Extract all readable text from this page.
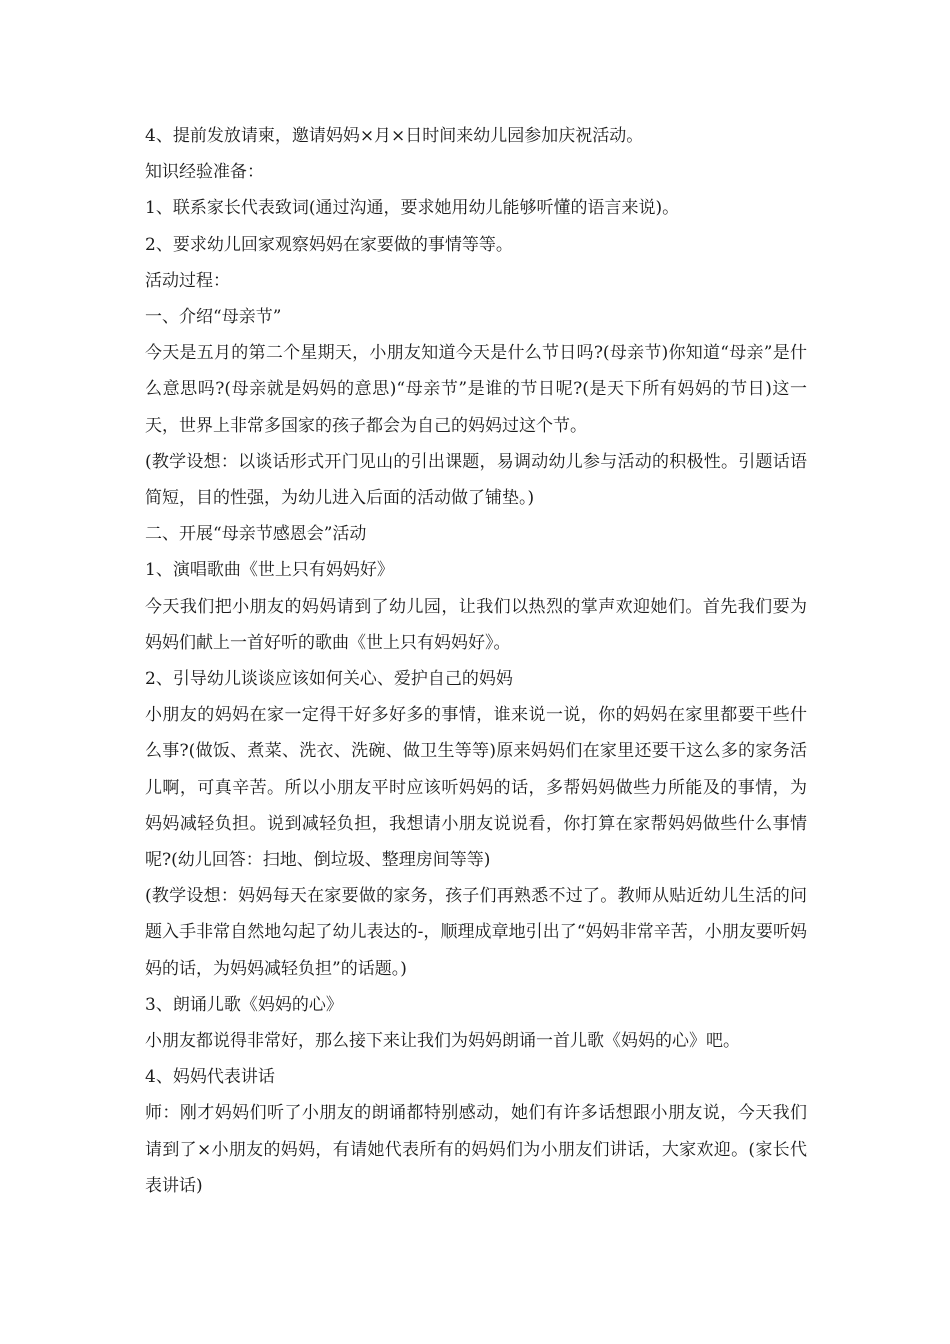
4、提前发放请柬，邀请妈妈×月×日时间来幼儿园参加庆祝活动。

知识经验准备：

1、联系家长代表致词(通过沟通，要求她用幼儿能够听懂的语言来说)。

2、要求幼儿回家观察妈妈在家要做的事情等等。

活动过程：

一、介绍“母亲节”

今天是五月的第二个星期天，小朋友知道今天是什么节日吗?(母亲节)你知道“母亲”是什么意思吗?(母亲就是妈妈的意思)“母亲节”是谁的节日呢?(是天下所有妈妈的节日)这一天，世界上非常多国家的孩子都会为自己的妈妈过这个节。

(教学设想：以谈话形式开门见山的引出课题，易调动幼儿参与活动的积极性。引题话语简短，目的性强，为幼儿进入后面的活动做了铺垫。)

二、开展“母亲节感恩会”活动

1、演唱歌曲《世上只有妈妈好》

今天我们把小朋友的妈妈请到了幼儿园，让我们以热烈的掌声欢迎她们。首先我们要为妈妈们献上一首好听的歌曲《世上只有妈妈好》。

2、引导幼儿谈谈应该如何关心、爱护自己的妈妈

小朋友的妈妈在家一定得干好多好多的事情，谁来说一说，你的妈妈在家里都要干些什么事?(做饭、煮菜、洗衣、洗碗、做卫生等等)原来妈妈们在家里还要干这么多的家务活儿啊，可真辛苦。所以小朋友平时应该听妈妈的话，多帮妈妈做些力所能及的事情，为妈妈减轻负担。说到减轻负担，我想请小朋友说说看，你打算在家帮妈妈做些什么事情呢?(幼儿回答：扫地、倒垃圾、整理房间等等)

(教学设想：妈妈每天在家要做的家务，孩子们再熟悉不过了。教师从贴近幼儿生活的问题入手非常自然地勾起了幼儿表达的-，顺理成章地引出了“妈妈非常辛苦，小朋友要听妈妈的话，为妈妈减轻负担”的话题。)

3、朗诵儿歌《妈妈的心》

小朋友都说得非常好，那么接下来让我们为妈妈朗诵一首儿歌《妈妈的心》吧。

4、妈妈代表讲话

师：刚才妈妈们听了小朋友的朗诵都特别感动，她们有许多话想跟小朋友说，今天我们请到了×小朋友的妈妈，有请她代表所有的妈妈们为小朋友们讲话，大家欢迎。(家长代表讲话)
